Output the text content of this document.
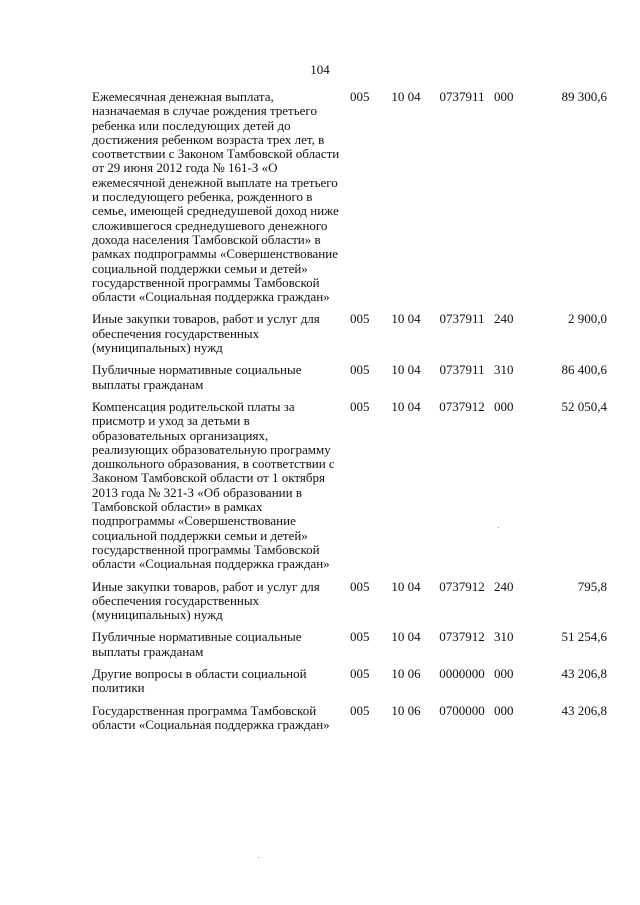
104
Ежемесячная денежная выплата, назначаемая в случае рождения третьего ребенка или последующих детей до достижения ребенком возраста трех лет, в соответствии с Законом Тамбовской области от 29 июня 2012 года № 161-З «О ежемесячной денежной выплате на третьего и последующего ребенка, рожденного в семье, имеющей среднедушевой доход ниже сложившегося среднедушевого денежного дохода населения Тамбовской области» в рамках подпрограммы «Совершенствование социальной поддержки семьи и детей» государственной программы Тамбовской области «Социальная поддержка граждан»	005	10 04	0737911	000	89 300,6
Иные закупки товаров, работ и услуг для обеспечения государственных (муниципальных) нужд	005	10 04	0737911	240	2 900,0
Публичные нормативные социальные выплаты гражданам	005	10 04	0737911	310	86 400,6
Компенсация родительской платы за присмотр и уход за детьми в образовательных организациях, реализующих образовательную программу дошкольного образования, в соответствии с Законом Тамбовской области от 1 октября 2013 года № 321-З «Об образовании в Тамбовской области» в рамках подпрограммы «Совершенствование социальной поддержки семьи и детей» государственной программы Тамбовской области «Социальная поддержка граждан»	005	10 04	0737912	000	52 050,4
Иные закупки товаров, работ и услуг для обеспечения государственных (муниципальных) нужд	005	10 04	0737912	240	795,8
Публичные нормативные социальные выплаты гражданам	005	10 04	0737912	310	51 254,6
Другие вопросы в области социальной политики	005	10 06	0000000	000	43 206,8
Государственная программа Тамбовской области «Социальная поддержка граждан»	005	10 06	0700000	000	43 206,8
